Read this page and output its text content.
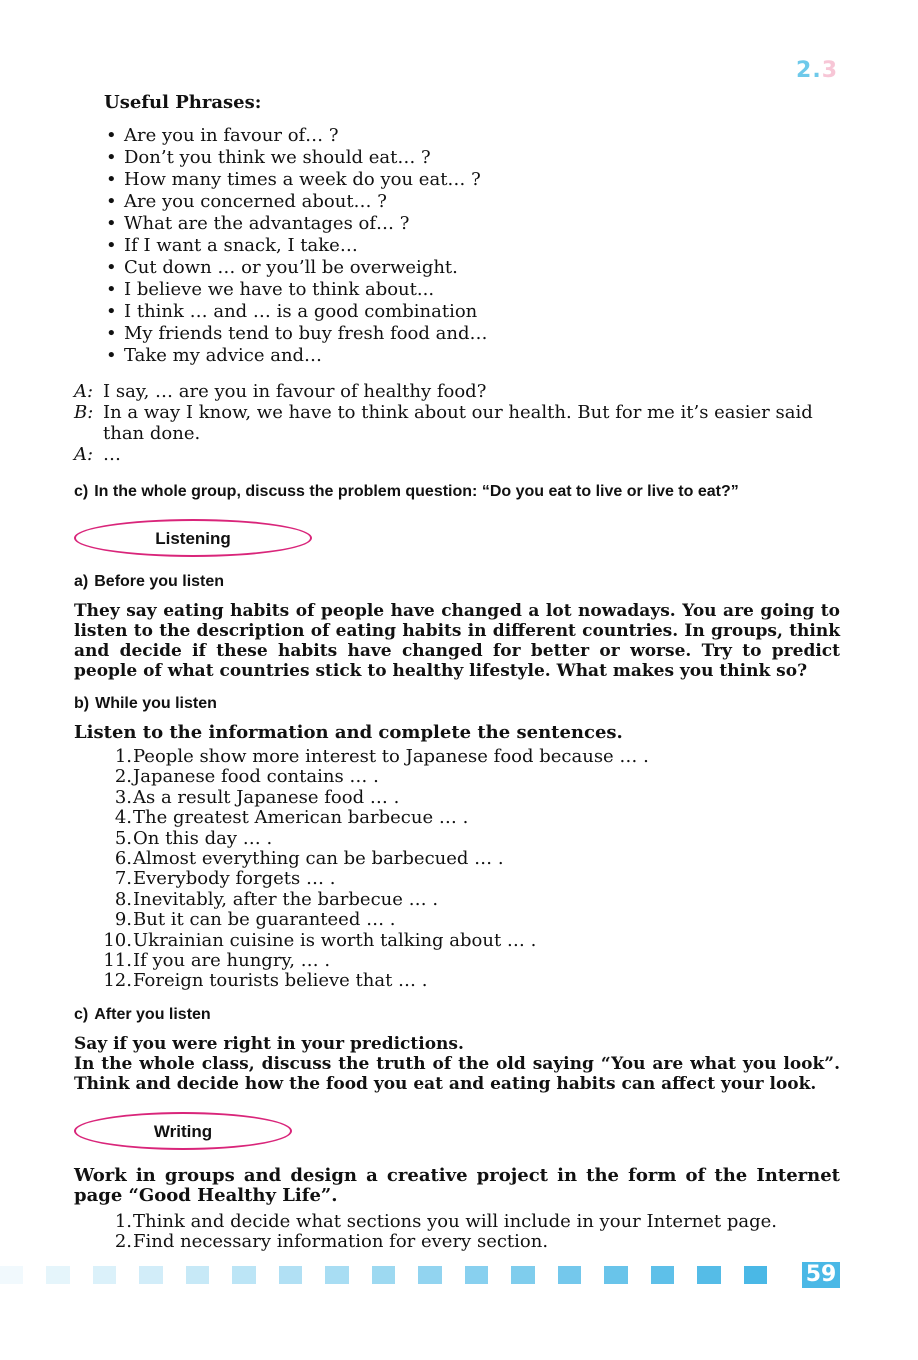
2.3
Useful Phrases:
• Are you in favour of… ?
• Don’t you think we should eat… ?
• How many times a week do you eat… ?
• Are you concerned about… ?
• What are the advantages of… ?
• If I want a snack, I take…
• Cut down … or you’ll be overweight.
• I believe we have to think about...
• I think … and … is a good combination
• My friends tend to buy fresh food and…
• Take my advice and…
A: I say, … are you in favour of healthy food?
B: In a way I know, we have to think about our health. But for me it’s easier said than done.
A: …
c) In the whole group, discuss the problem question: “Do you eat to live or live to eat?”
Listening
a) Before you listen
They say eating habits of people have changed a lot nowadays. You are going to listen to the description of eating habits in different countries. In groups, think and decide if these habits have changed for better or worse. Try to predict people of what countries stick to healthy lifestyle. What makes you think so?
b) While you listen
Listen to the information and complete the sentences.
1. People show more interest to Japanese food because … .
2. Japanese food contains … .
3. As a result Japanese food … .
4. The greatest American barbecue … .
5. On this day … .
6. Almost everything can be barbecued … .
7. Everybody forgets … .
8. Inevitably, after the barbecue … .
9. But it can be guaranteed … .
10. Ukrainian cuisine is worth talking about … .
11. If you are hungry, … .
12. Foreign tourists believe that … .
c) After you listen
Say if you were right in your predictions.
In the whole class, discuss the truth of the old saying “You are what you look”. Think and decide how the food you eat and eating habits can affect your look.
Writing
Work in groups and design a creative project in the form of the Internet page “Good Healthy Life”.
1. Think and decide what sections you will include in your Internet page.
2. Find necessary information for every section.
59
